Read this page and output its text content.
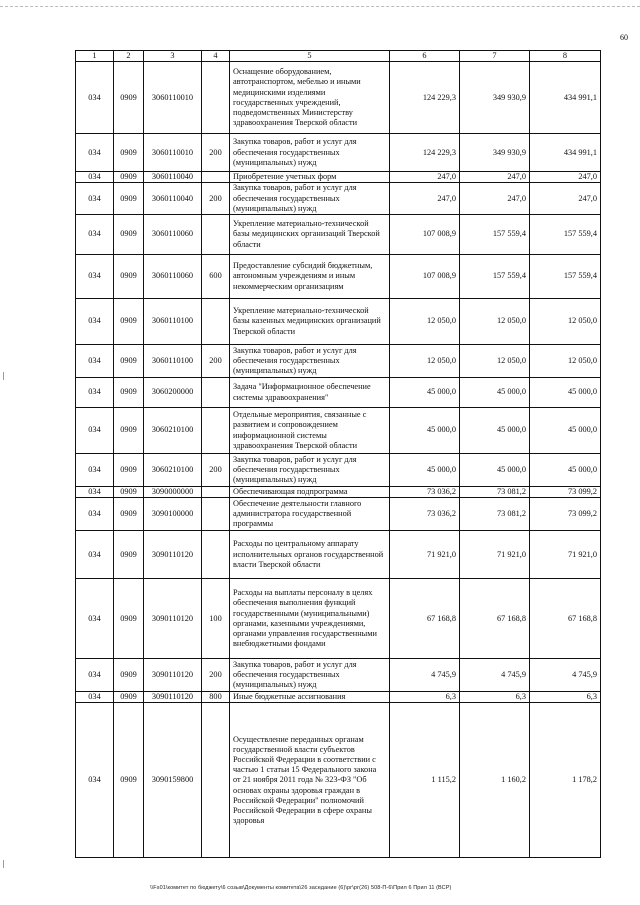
60
1	2	3	4	5	6	7	8
034	0909	3060110010		Оснащение оборудованием, автотранспортом, мебелью и иными медицинскими изделиями государственных учреждений, подведомственных Министерству здравоохранения Тверской области	124 229,3	349 930,9	434 991,1
034	0909	3060110010	200	Закупка товаров, работ и услуг для обеспечения государственных (муниципальных) нужд	124 229,3	349 930,9	434 991,1
034	0909	3060110040		Приобретение учетных форм	247,0	247,0	247,0
034	0909	3060110040	200	Закупка товаров, работ и услуг для обеспечения государственных (муниципальных) нужд	247,0	247,0	247,0
034	0909	3060110060		Укрепление материально-технической базы медицинских организаций Тверской области	107 008,9	157 559,4	157 559,4
034	0909	3060110060	600	Предоставление субсидий бюджетным, автономным учреждениям и иным некоммерческим организациям	107 008,9	157 559,4	157 559,4
034	0909	3060110100		Укрепление материально-технической базы казенных медицинских организаций Тверской области	12 050,0	12 050,0	12 050,0
034	0909	3060110100	200	Закупка товаров, работ и услуг для обеспечения государственных (муниципальных) нужд	12 050,0	12 050,0	12 050,0
034	0909	3060200000		Задача "Информационное обеспечение системы здравоохранения"	45 000,0	45 000,0	45 000,0
034	0909	3060210100		Отдельные мероприятия, связанные с развитием и сопровождением информационной системы здравоохранения Тверской области	45 000,0	45 000,0	45 000,0
034	0909	3060210100	200	Закупка товаров, работ и услуг для обеспечения государственных (муниципальных) нужд	45 000,0	45 000,0	45 000,0
034	0909	3090000000		Обеспечивающая подпрограмма	73 036,2	73 081,2	73 099,2
034	0909	3090100000		Обеспечение деятельности главного администратора государственной программы	73 036,2	73 081,2	73 099,2
034	0909	3090110120		Расходы по центральному аппарату исполнительных органов государственной власти Тверской области	71 921,0	71 921,0	71 921,0
034	0909	3090110120	100	Расходы на выплаты персоналу в целях обеспечения выполнения функций государственными (муниципальными) органами, казенными учреждениями, органами управления государственными внебюджетными фондами	67 168,8	67 168,8	67 168,8
034	0909	3090110120	200	Закупка товаров, работ и услуг для обеспечения государственных (муниципальных) нужд	4 745,9	4 745,9	4 745,9
034	0909	3090110120	800	Иные бюджетные ассигнования	6,3	6,3	6,3
034	0909	3090159800		Осуществление переданных органам государственной власти субъектов Российской Федерации в соответствии с частью 1 статьи 15 Федерального закона от 21 ноября 2011 года № 323-ФЗ "Об основах охраны здоровья граждан в Российской Федерации" полномочий Российской Федерации в сфере охраны здоровья	1 115,2	1 160,2	1 178,2
\\Fs01\комитет по бюджету\6 созыв\Документы комитета\26 заседание (6)\рг\рг(26) 508-П-6\Прил 6 Прил 11 (ВСР)
